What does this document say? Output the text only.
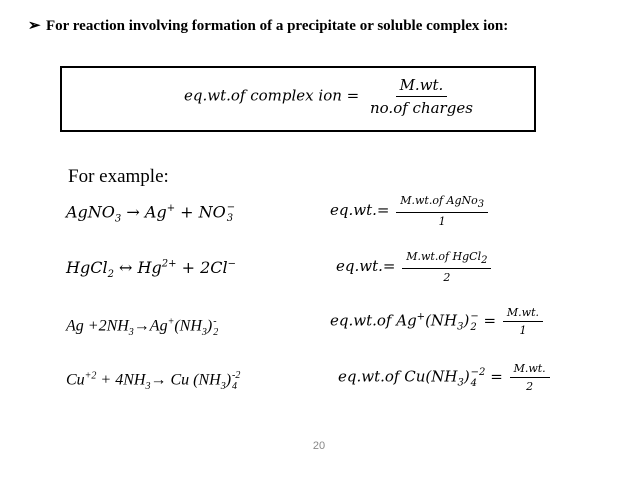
➢ For reaction involving formation of a precipitate or soluble complex ion:
eq.wt.of complex ion = $\frac{M.wt.}{\text{no.of charges}}$
For example:
AgNO$_3$ → Ag+ + NO −
3	$eq.wt.= \frac{M.wt.of AgNo_3}{1}$
HgCl$_2$ ↔ $Hg^{2+} + 2Cl^-$	$eq.wt.= \frac{M.wt.of HgCl_2}{2}$
$Ag +2NH_3\to Ag^+(NH_3)$ -
2
eq.wt.of $Ag^+(NH_3)$ −
$2 = \frac{M.wt.}{1}$
$Cu^{+2} + 4NH_3\to Cu$ $(NH_3)$ -2
4
eq.wt.of $Cu(NH_3) -2$
$4 = \frac{M.wt.}{2}$
20
